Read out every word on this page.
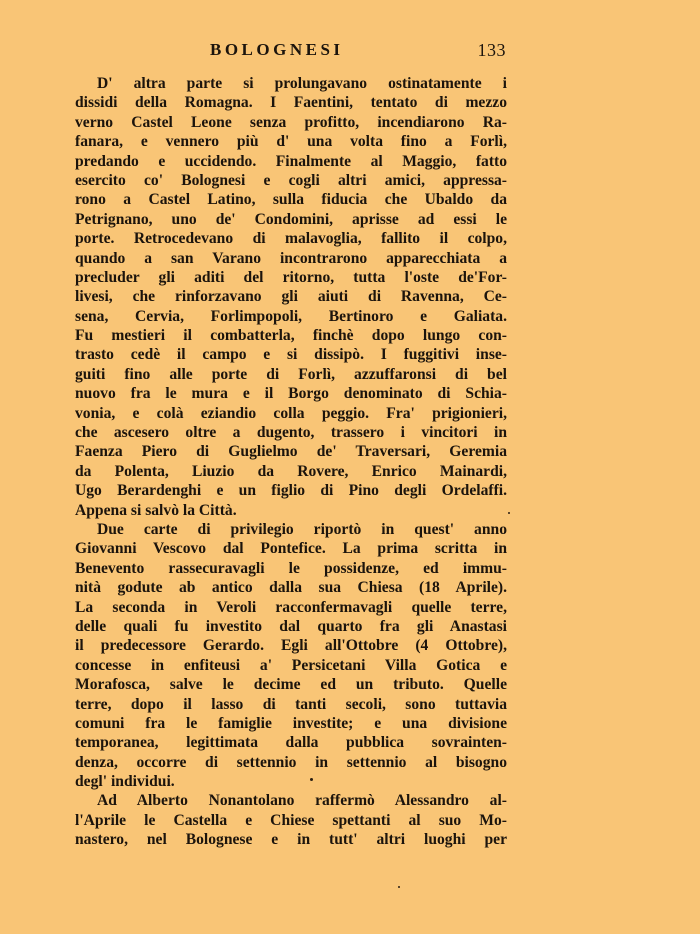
BOLOGNESI	133
D' altra parte si prolungavano ostinatamente i
dissidi della Romagna. I Faentini, tentato di mezzo
verno Castel Leone senza profitto, incendiarono Ra-
fanara, e vennero più d' una volta fino a Forlì,
predando e uccidendo. Finalmente al Maggio, fatto
esercito co' Bolognesi e cogli altri amici, appressa-
rono a Castel Latino, sulla fiducia che Ubaldo da
Petrignano, uno de' Condomini, aprisse ad essi le
porte. Retrocedevano di malavoglia, fallito il colpo,
quando a san Varano incontrarono apparecchiata a
precluder gli aditi del ritorno, tutta l'oste de'For-
livesi, che rinforzavano gli aiuti di Ravenna, Ce-
sena, Cervia, Forlimpopoli, Bertinoro e Galiata.
Fu mestieri il combatterla, finchè dopo lungo con-
trasto cedè il campo e si dissipò. I fuggitivi inse-
guiti fino alle porte di Forlì, azzuffaronsi di bel
nuovo fra le mura e il Borgo denominato di Schia-
vonia, e colà eziandio colla peggio. Fra' prigionieri,
che ascesero oltre a dugento, trassero i vincitori in
Faenza Piero di Guglielmo de' Traversari, Geremia
da Polenta, Liuzio da Rovere, Enrico Mainardi,
Ugo Berardenghi e un figlio di Pino degli Ordelaffi.
Appena si salvò la Città.
Due carte di privilegio riportò in quest' anno
Giovanni Vescovo dal Pontefice. La prima scritta in
Benevento rassecuravagli le possidenze, ed immu-
nità godute ab antico dalla sua Chiesa (18 Aprile).
La seconda in Veroli racconfermavagli quelle terre,
delle quali fu investito dal quarto fra gli Anastasi
il predecessore Gerardo. Egli all'Ottobre (4 Ottobre),
concesse in enfiteusi a' Persicetani Villa Gotica e
Morafosca, salve le decime ed un tributo. Quelle
terre, dopo il lasso di tanti secoli, sono tuttavia
comuni fra le famiglie investite; e una divisione
temporanea, legittimata dalla pubblica sovrainten-
denza, occorre di settennio in settennio al bisogno
degl' individui.
Ad Alberto Nonantolano raffermò Alessandro al-
l'Aprile le Castella e Chiese spettanti al suo Mo-
nastero, nel Bolognese e in tutt' altri luoghi per
